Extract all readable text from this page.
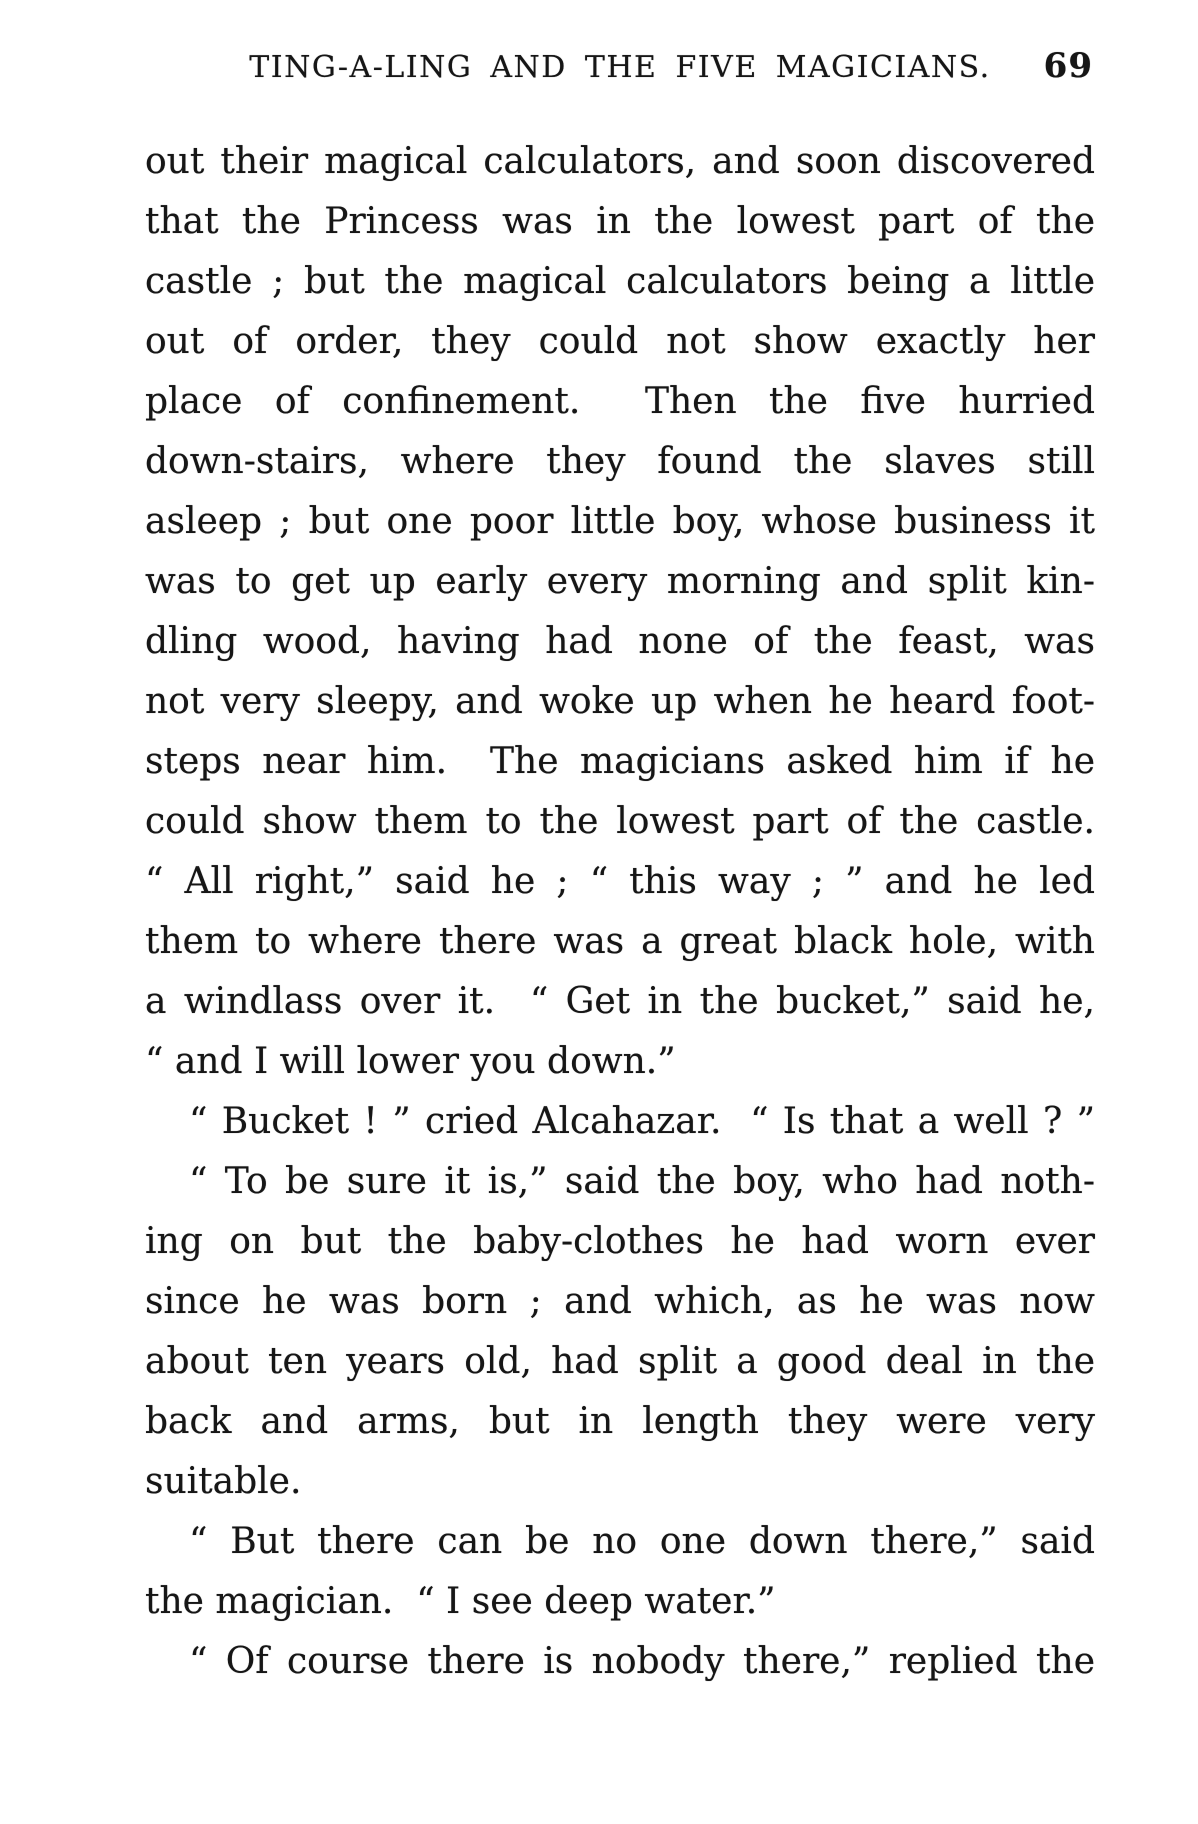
TING-A-LING AND THE FIVE MAGICIANS. 69
out their magical calculators, and soon discovered
that the Princess was in the lowest part of the
castle ; but the magical calculators being a little
out of order, they could not show exactly her
place of confinement.  Then the five hurried
down-stairs, where they found the slaves still
asleep ; but one poor little boy, whose business it
was to get up early every morning and split kin-
dling wood, having had none of the feast, was
not very sleepy, and woke up when he heard foot-
steps near him.  The magicians asked him if he
could show them to the lowest part of the castle.
“ All right,” said he ; “ this way ; ” and he led
them to where there was a great black hole, with
a windlass over it.  “ Get in the bucket,” said he,
“ and I will lower you down.”
“ Bucket ! ” cried Alcahazar.  “ Is that a well ? ”
“ To be sure it is,” said the boy, who had noth-
ing on but the baby-clothes he had worn ever
since he was born ; and which, as he was now
about ten years old, had split a good deal in the
back and arms, but in length they were very
suitable.
“ But there can be no one down there,” said
the magician.  “ I see deep water.”
“ Of course there is nobody there,” replied the
